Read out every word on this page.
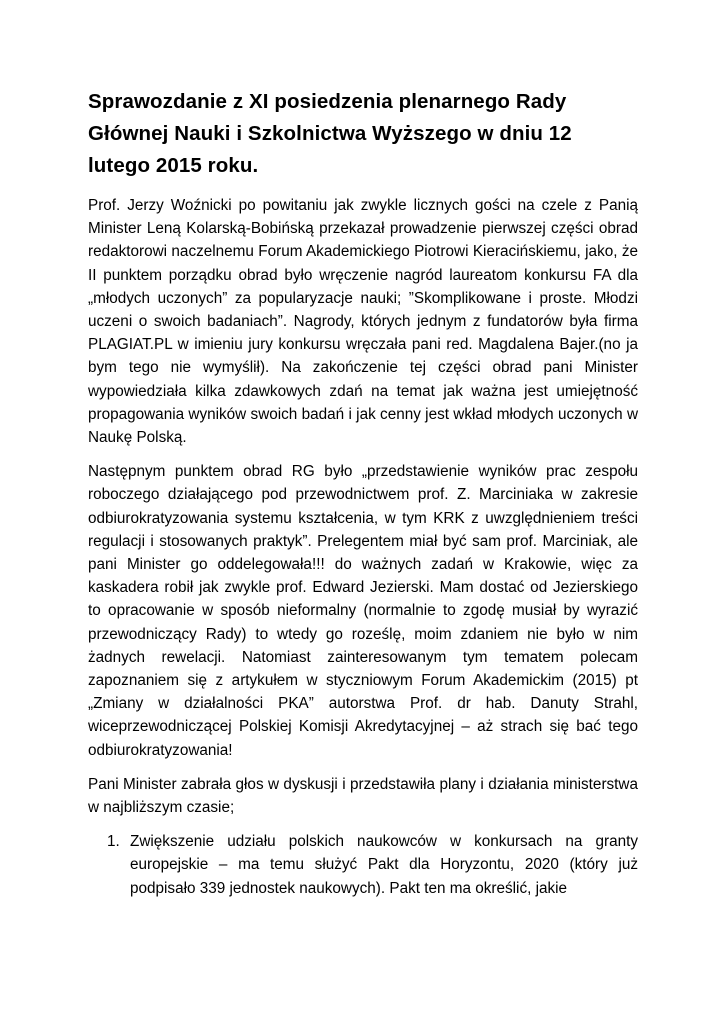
Sprawozdanie z XI posiedzenia plenarnego Rady Głównej Nauki i Szkolnictwa Wyższego w dniu 12 lutego 2015 roku.

Prof. Jerzy Woźnicki po powitaniu jak zwykle licznych gości na czele z Panią Minister Leną Kolarską-Bobińską przekazał prowadzenie pierwszej części obrad redaktorowi naczelnemu Forum Akademickiego Piotrowi Kieracińskiemu, jako, że II punktem porządku obrad było wręczenie nagród laureatom konkursu FA dla „młodych uczonych” za popularyzacje nauki; ”Skomplikowane i proste. Młodzi uczeni o swoich badaniach”. Nagrody, których jednym z fundatorów była firma PLAGIAT.PL w imieniu jury konkursu wręczała pani red. Magdalena Bajer.(no ja bym tego nie wymyślił). Na zakończenie tej części obrad pani Minister wypowiedziała kilka zdawkowych zdań na temat jak ważna jest umiejętność propagowania wyników swoich badań i jak cenny jest wkład młodych uczonych w Naukę Polską.

Następnym punktem obrad RG było „przedstawienie wyników prac zespołu roboczego działającego pod przewodnictwem prof. Z. Marciniaka w zakresie odbiurokratyzowania systemu kształcenia, w tym KRK z uwzględnieniem treści regulacji i stosowanych praktyk”. Prelegentem miał być sam prof. Marciniak, ale pani Minister go oddelegowała!!! do ważnych zadań w Krakowie, więc za kaskadera robił jak zwykle prof. Edward Jezierski. Mam dostać od Jezierskiego to opracowanie w sposób nieformalny (normalnie to zgodę musiał by wyrazić przewodniczący Rady) to wtedy go roześlę, moim zdaniem nie było w nim żadnych rewelacji. Natomiast zainteresowanym tym tematem polecam zapoznaniem się z artykułem w styczniowym Forum Akademickim (2015) pt „Zmiany w działalności PKA” autorstwa Prof. dr hab. Danuty Strahl, wiceprzewodniczącej Polskiej Komisji Akredytacyjnej – aż strach się bać tego odbiurokratyzowania!

Pani Minister zabrała głos w dyskusji i przedstawiła plany i działania ministerstwa w najbliższym czasie;

1. Zwiększenie udziału polskich naukowców w konkursach na granty europejskie – ma temu służyć Pakt dla Horyzontu, 2020 (który już podpisało 339 jednostek naukowych). Pakt ten ma określić, jakie
